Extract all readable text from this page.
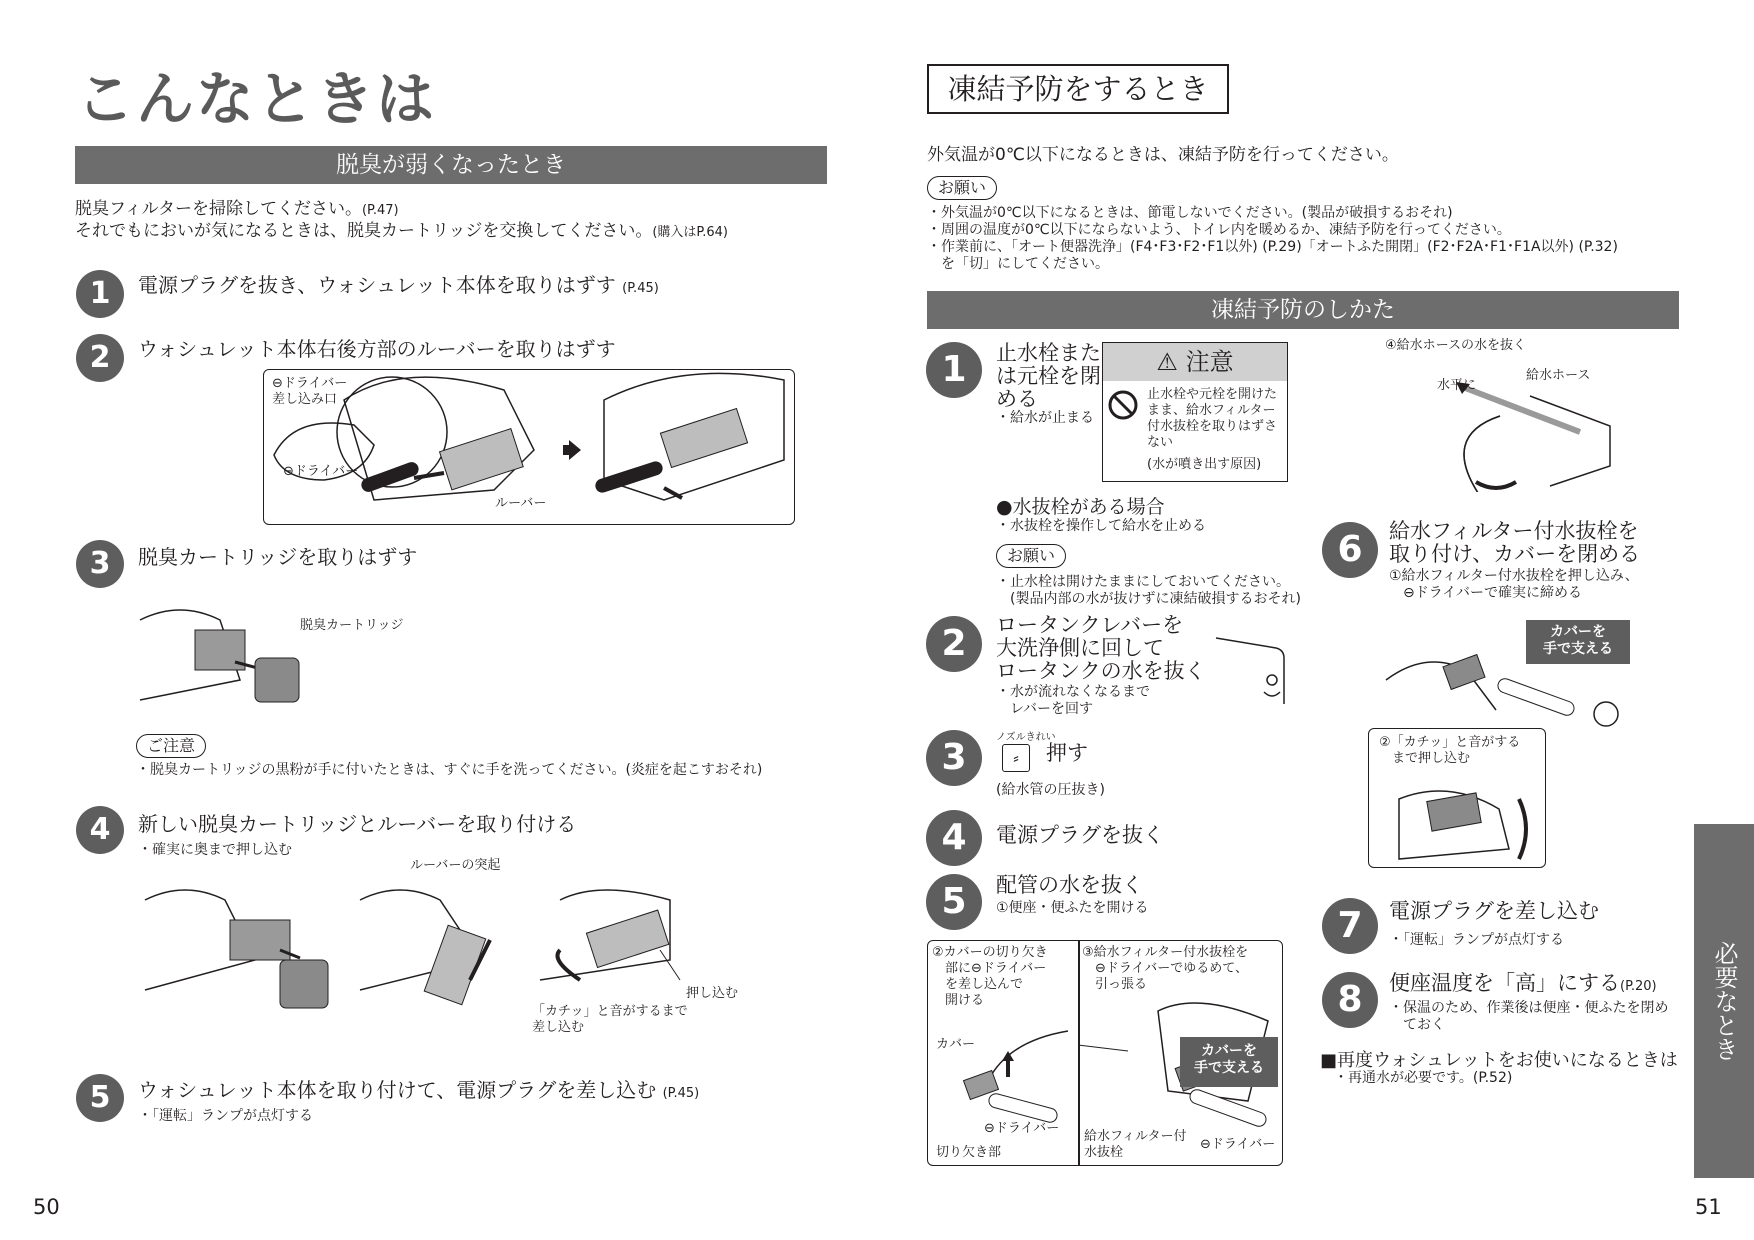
こんなときは
脱臭が弱くなったとき
脱臭フィルターを掃除してください。(P.47)
それでもにおいが気になるときは、脱臭カートリッジを交換してください。(購入はP.64)
1	電源プラグを抜き、ウォシュレット本体を取りはずす (P.45)
2	ウォシュレット本体右後方部のルーバーを取りはずす
⊖ドライバー
差し込み口
⊖ドライバー
ルーバー
3	脱臭カートリッジを取りはずす
脱臭カートリッジ
ご注意
・脱臭カートリッジの黒粉が手に付いたときは、すぐに手を洗ってください。(炎症を起こすおそれ)
4	新しい脱臭カートリッジとルーバーを取り付ける
・確実に奥まで押し込む
ルーバーの突起
押し込む
「カチッ」と音がするまで
差し込む
5	ウォシュレット本体を取り付けて、電源プラグを差し込む (P.45)
・「運転」ランプが点灯する
50
凍結予防をするとき
外気温が0℃以下になるときは、凍結予防を行ってください。
お願い
・外気温が0℃以下になるときは、節電しないでください。(製品が破損するおそれ)
・周囲の温度が0℃以下にならないよう、トイレ内を暖めるか、凍結予防を行ってください。
・作業前に、「オート便器洗浄」(F4･F3･F2･F1以外) (P.29)「オートふた開閉」(F2･F2A･F1･F1A以外) (P.32)
　を「切」にしてください。
凍結予防のしかた
1	止水栓また
は元栓を閉
める
・給水が止まる
⚠ 注意
止水栓や元栓を開けた
まま、給水フィルター
付水抜栓を取りはずさ
ない
(水が噴き出す原因)
●水抜栓がある場合
・水抜栓を操作して給水を止める
お願い
・止水栓は開けたままにしておいてください。
　(製品内部の水が抜けずに凍結破損するおそれ)
2	ロータンクレバーを
大洗浄側に回して
ロータンクの水を抜く
・水が流れなくなるまで
　レバーを回す
3	ノズルきれい
⸗	押す
(給水管の圧抜き)
4	電源プラグを抜く
5	配管の水を抜く
①便座・便ふたを開ける
②カバーの切り欠き
　部に⊖ドライバー
　を差し込んで
　開ける
③給水フィルター付水抜栓を
　⊖ドライバーでゆるめて、
　引っ張る
カバー
⊖ドライバー
切り欠き部
給水フィルター付
水抜栓
⊖ドライバー
カバーを
手で支える
④給水ホースの水を抜く
水平に
給水ホース
6	給水フィルター付水抜栓を
取り付け、カバーを閉める
①給水フィルター付水抜栓を押し込み、
　⊖ドライバーで確実に締める
カバーを
手で支える
②「カチッ」と音がする
　まで押し込む
7	電源プラグを差し込む
・「運転」ランプが点灯する
8	便座温度を「高」にする(P.20)
・保温のため、作業後は便座・便ふたを閉め
　ておく
■再度ウォシュレットをお使いになるときは
・再通水が必要です。(P.52)
必要なとき
51
